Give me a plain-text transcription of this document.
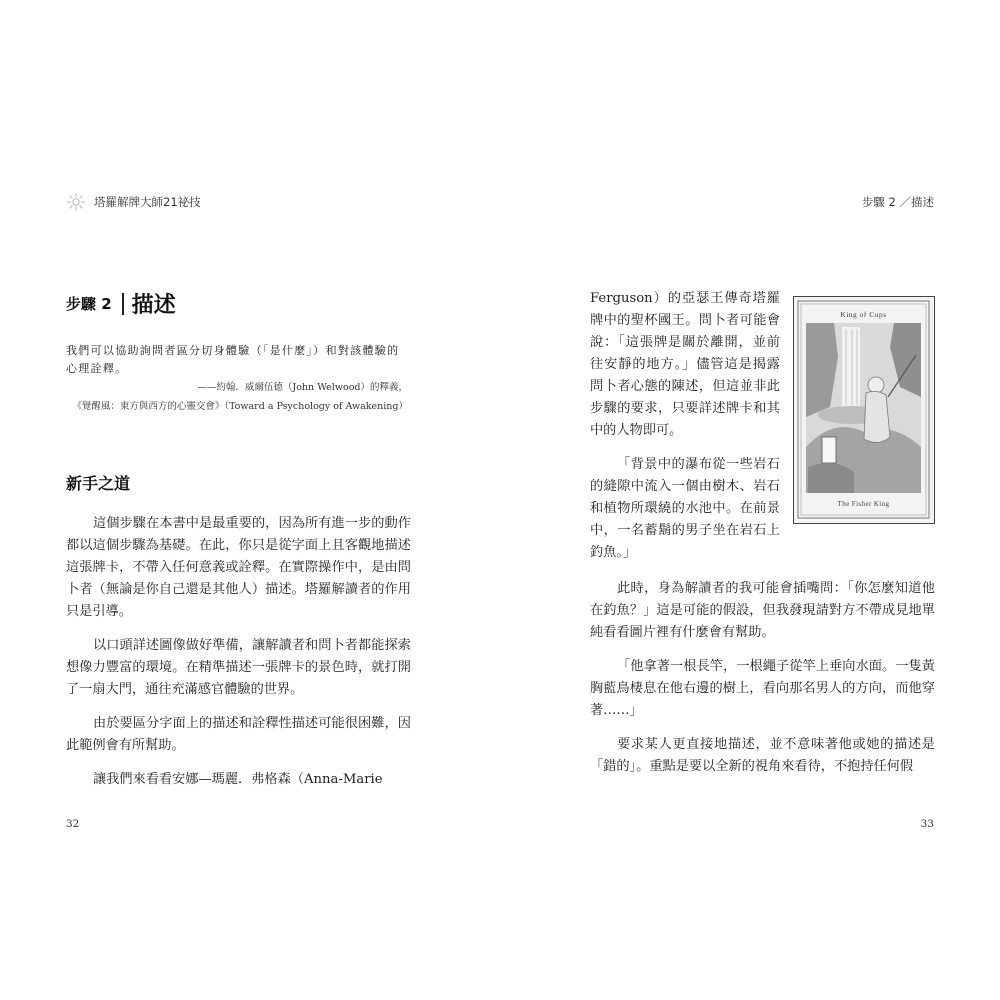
塔羅解牌大師21祕技
步驟 2 描述
我們可以協助詢問者區分切身體驗（「是什麼」）和對該體驗的心理詮釋。
——約翰．威爾伍德（John Welwood）的釋義，
《覺醒風：東方與西方的心靈交會》（Toward a Psychology of Awakening）
新手之道

這個步驟在本書中是最重要的，因為所有進一步的動作都以這個步驟為基礎。在此，你只是從字面上且客觀地描述這張牌卡，不帶入任何意義或詮釋。在實際操作中，是由問卜者（無論是你自己還是其他人）描述。塔羅解讀者的作用只是引導。

以口頭詳述圖像做好準備，讓解讀者和問卜者都能探索想像力豐富的環境。在精準描述一張牌卡的景色時，就打開了一扇大門，通往充滿感官體驗的世界。

由於要區分字面上的描述和詮釋性描述可能很困難，因此範例會有所幫助。

讓我們來看看安娜—瑪麗．弗格森（Anna-Marie

32
步驟 2 ／描述

Ferguson）的亞瑟王傳奇塔羅牌中的聖杯國王。問卜者可能會說：「這張牌是關於離開，並前往安靜的地方。」儘管這是揭露問卜者心態的陳述，但這並非此步驟的要求，只要詳述牌卡和其中的人物即可。

「背景中的瀑布從一些岩石的縫隙中流入一個由樹木、岩石和植物所環繞的水池中。在前景中，一名蓄鬍的男子坐在岩石上釣魚。」

King of Cups
The Fisher King

此時，身為解讀者的我可能會插嘴問：「你怎麼知道他在釣魚？」這是可能的假設，但我發現請對方不帶成見地單純看看圖片裡有什麼會有幫助。

「他拿著一根長竿，一根繩子從竿上垂向水面。一隻黃胸藍鳥棲息在他右邊的樹上，看向那名男人的方向，而他穿著……」

要求某人更直接地描述，並不意味著他或她的描述是「錯的」。重點是要以全新的視角來看待，不抱持任何假

33
